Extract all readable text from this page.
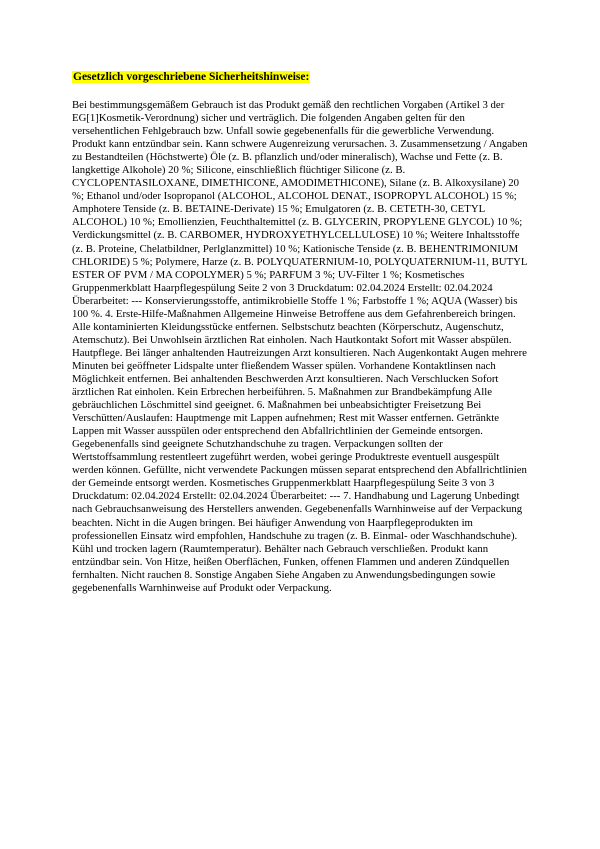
Gesetzlich vorgeschriebene Sicherheitshinweise:

Bei bestimmungsgemäßem Gebrauch ist das Produkt gemäß den rechtlichen Vorgaben (Artikel 3 der EG[1]Kosmetik-Verordnung) sicher und verträglich. Die folgenden Angaben gelten für den versehentlichen Fehlgebrauch bzw. Unfall sowie gegebenenfalls für die gewerbliche Verwendung. Produkt kann entzündbar sein. Kann schwere Augenreizung verursachen. 3. Zusammensetzung / Angaben zu Bestandteilen (Höchstwerte) Öle (z. B. pflanzlich und/oder mineralisch), Wachse und Fette (z. B. langkettige Alkohole) 20 %; Silicone, einschließlich flüchtiger Silicone (z. B. CYCLOPENTASILOXANE, DIMETHICONE, AMODIMETHICONE), Silane (z. B. Alkoxysilane) 20 %; Ethanol und/oder Isopropanol (ALCOHOL, ALCOHOL DENAT., ISOPROPYL ALCOHOL) 15 %; Amphotere Tenside (z. B. BETAINE-Derivate) 15 %; Emulgatoren (z. B. CETETH-30, CETYL ALCOHOL) 10 %; Emollienzien, Feuchthaltemittel (z. B. GLYCERIN, PROPYLENE GLYCOL) 10 %; Verdickungsmittel (z. B. CARBOMER, HYDROXYETHYLCELLULOSE) 10 %; Weitere Inhaltsstoffe (z. B. Proteine, Chelatbildner, Perlglanzmittel) 10 %; Kationische Tenside (z. B. BEHENTRIMONIUM CHLORIDE) 5 %; Polymere, Harze (z. B. POLYQUATERNIUM-10, POLYQUATERNIUM-11, BUTYL ESTER OF PVM / MA COPOLYMER) 5 %; PARFUM 3 %; UV-Filter 1 %; Kosmetisches Gruppenmerkblatt Haarpflegespülung Seite 2 von 3 Druckdatum: 02.04.2024 Erstellt: 02.04.2024 Überarbeitet: --- Konservierungsstoffe, antimikrobielle Stoffe 1 %; Farbstoffe 1 %; AQUA (Wasser) bis 100 %. 4. Erste-Hilfe-Maßnahmen Allgemeine Hinweise Betroffene aus dem Gefahrenbereich bringen. Alle kontaminierten Kleidungsstücke entfernen. Selbstschutz beachten (Körperschutz, Augenschutz, Atemschutz). Bei Unwohlsein ärztlichen Rat einholen. Nach Hautkontakt Sofort mit Wasser abspülen. Hautpflege. Bei länger anhaltenden Hautreizungen Arzt konsultieren. Nach Augenkontakt Augen mehrere Minuten bei geöffneter Lidspalte unter fließendem Wasser spülen. Vorhandene Kontaktlinsen nach Möglichkeit entfernen. Bei anhaltenden Beschwerden Arzt konsultieren. Nach Verschlucken Sofort ärztlichen Rat einholen. Kein Erbrechen herbeiführen. 5. Maßnahmen zur Brandbekämpfung Alle gebräuchlichen Löschmittel sind geeignet. 6. Maßnahmen bei unbeabsichtigter Freisetzung Bei Verschütten/Auslaufen: Hauptmenge mit Lappen aufnehmen; Rest mit Wasser entfernen. Getränkte Lappen mit Wasser ausspülen oder entsprechend den Abfallrichtlinien der Gemeinde entsorgen. Gegebenenfalls sind geeignete Schutzhandschuhe zu tragen. Verpackungen sollten der Wertstoffsammlung restentleert zugeführt werden, wobei geringe Produktreste eventuell ausgespült werden können. Gefüllte, nicht verwendete Packungen müssen separat entsprechend den Abfallrichtlinien der Gemeinde entsorgt werden. Kosmetisches Gruppenmerkblatt Haarpflegespülung Seite 3 von 3 Druckdatum: 02.04.2024 Erstellt: 02.04.2024 Überarbeitet: --- 7. Handhabung und Lagerung Unbedingt nach Gebrauchsanweisung des Herstellers anwenden. Gegebenenfalls Warnhinweise auf der Verpackung beachten. Nicht in die Augen bringen. Bei häufiger Anwendung von Haarpflegeprodukten im professionellen Einsatz wird empfohlen, Handschuhe zu tragen (z. B. Einmal- oder Waschhandschuhe). Kühl und trocken lagern (Raumtemperatur). Behälter nach Gebrauch verschließen. Produkt kann entzündbar sein. Von Hitze, heißen Oberflächen, Funken, offenen Flammen und anderen Zündquellen fernhalten. Nicht rauchen 8. Sonstige Angaben Siehe Angaben zu Anwendungsbedingungen sowie gegebenenfalls Warnhinweise auf Produkt oder Verpackung.
